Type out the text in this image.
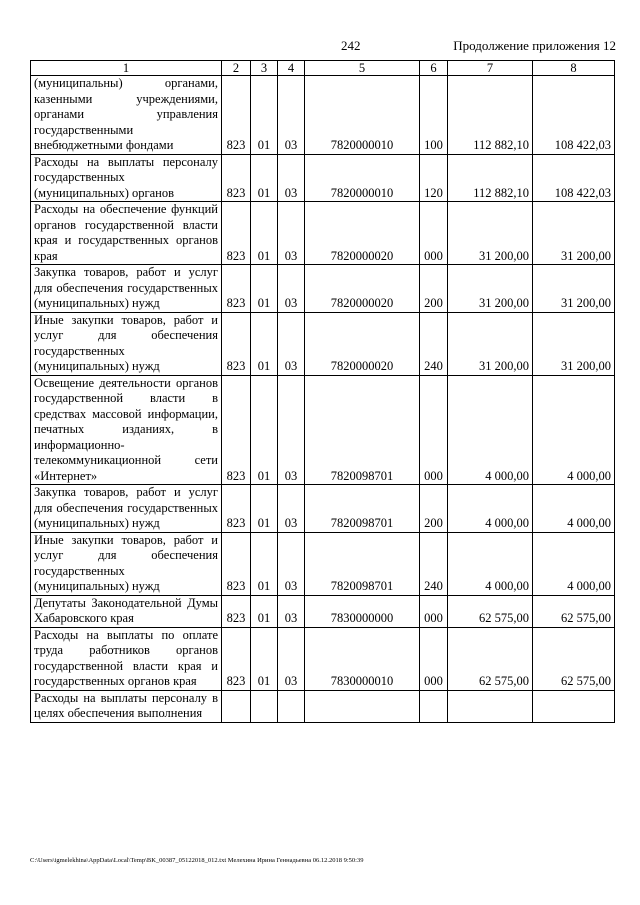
242	Продолжение приложения 12
1	2	3	4	5	6	7	8
(муниципальны) органами, казенными учреждениями, органами управления государственными внебюджетными фондами	823	01	03	7820000010	100	112 882,10	108 422,03
Расходы на выплаты персоналу государственных (муниципальных) органов	823	01	03	7820000010	120	112 882,10	108 422,03
Расходы на обеспечение функций органов государственной власти края и государственных органов края	823	01	03	7820000020	000	31 200,00	31 200,00
Закупка товаров, работ и услуг для обеспечения государственных (муниципальных) нужд	823	01	03	7820000020	200	31 200,00	31 200,00
Иные закупки товаров, работ и услуг для обеспечения государственных (муниципальных) нужд	823	01	03	7820000020	240	31 200,00	31 200,00
Освещение деятельности органов государственной власти в средствах массовой информации, печатных изданиях, в информационно-телекоммуникационной сети «Интернет»	823	01	03	7820098701	000	4 000,00	4 000,00
Закупка товаров, работ и услуг для обеспечения государственных (муниципальных) нужд	823	01	03	7820098701	200	4 000,00	4 000,00
Иные закупки товаров, работ и услуг для обеспечения государственных (муниципальных) нужд	823	01	03	7820098701	240	4 000,00	4 000,00
Депутаты Законодательной Думы Хабаровского края	823	01	03	7830000000	000	62 575,00	62 575,00
Расходы на выплаты по оплате труда работников органов государственной власти края и государственных органов края	823	01	03	7830000010	000	62 575,00	62 575,00
Расходы на выплаты персоналу в целях обеспечения выполнения							
C:\Users\igmelekhina\AppData\Local\Temp\BK_00387_05122018_012.txt Мелехина Ирина Геннадьевна 06.12.2018 9:50:39
